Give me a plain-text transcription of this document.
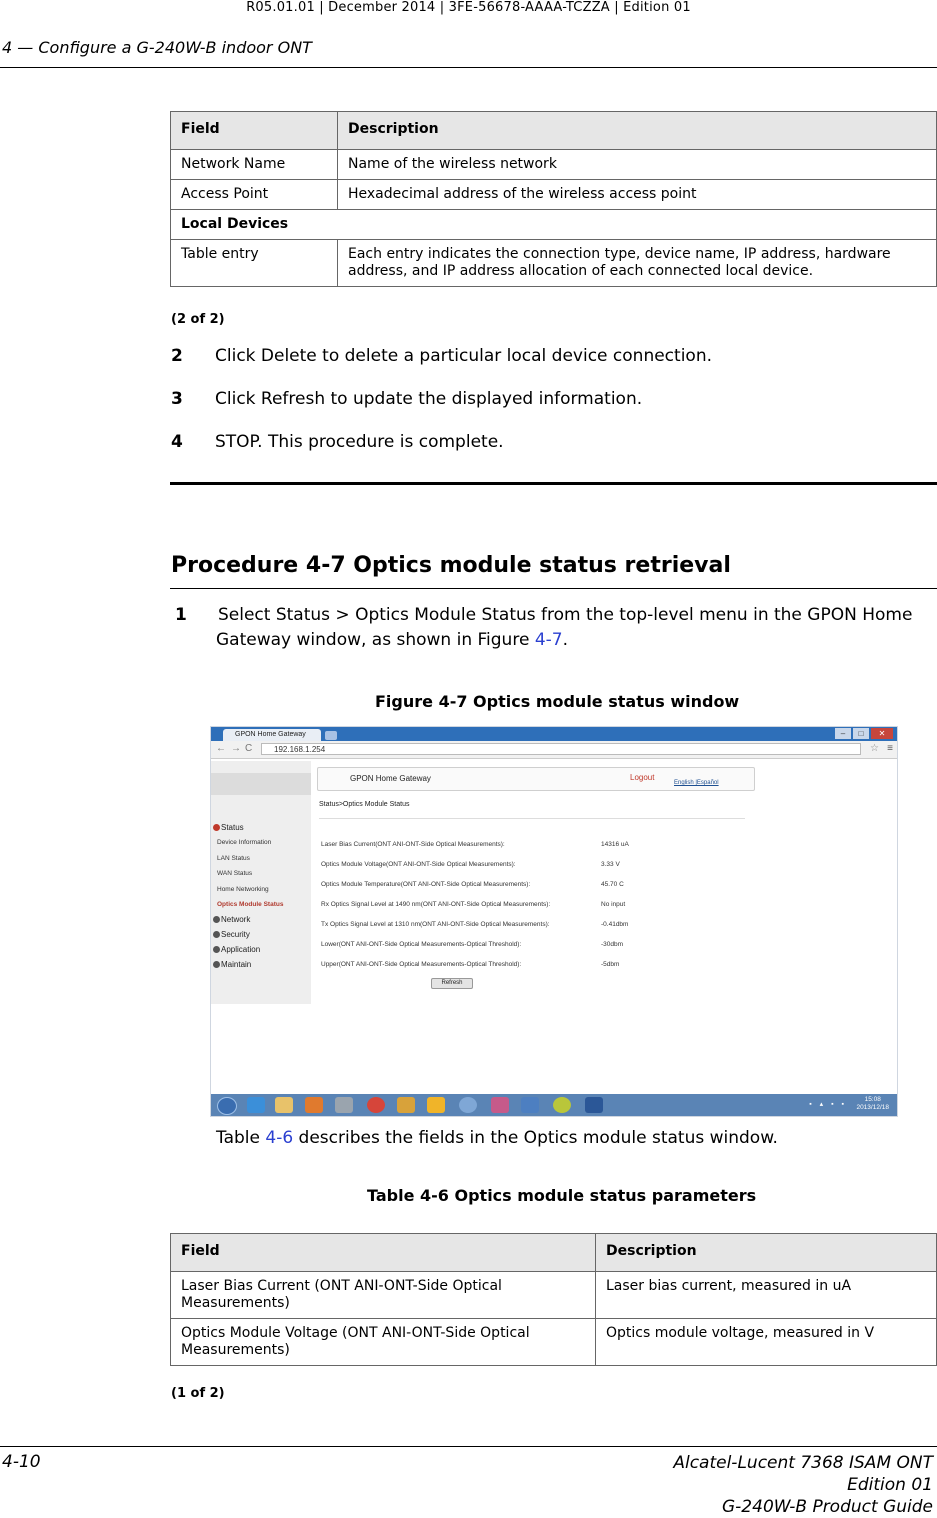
R05.01.01 | December 2014 | 3FE-56678-AAAA-TCZZA | Edition 01
4 — Configure a G-240W-B indoor ONT
Field	Description
Network Name	Name of the wireless network
Access Point	Hexadecimal address of the wireless access point
Local Devices	
Table entry	Each entry indicates the connection type, device name, IP address, hardware address, and IP address allocation of each connected local device.
(2 of 2)
2 Click Delete to delete a particular local device connection.
3 Click Refresh to update the displayed information.
4 STOP. This procedure is complete.
Procedure 4-7 Optics module status retrieval
1 Select Status > Optics Module Status from the top-level menu in the GPON Home
Gateway window, as shown in Figure 4-7.
Figure 4-7 Optics module status window
GPON Home Gateway	–	□	✕
← → C	192.168.1.254	☆ ≡
Status
Device Information
LAN Status
WAN Status
Home Networking
Optics Module Status
Network
Security
Application
Maintain
GPON Home Gateway	Logout
English |Español
Status>Optics Module Status
Laser Bias Current(ONT ANI-ONT-Side Optical Measurements):	14316 uA
Optics Module Voltage(ONT ANI-ONT-Side Optical Measurements):	3.33 V
Optics Module Temperature(ONT ANI-ONT-Side Optical Measurements):	45.70 C
Rx Optics Signal Level at 1490 nm(ONT ANI-ONT-Side Optical Measurements):	No input
Tx Optics Signal Level at 1310 nm(ONT ANI-ONT-Side Optical Measurements):	-0.41dbm
Lower(ONT ANI-ONT-Side Optical Measurements-Optical Threshold):	-30dbm
Upper(ONT ANI-ONT-Side Optical Measurements-Optical Threshold):	-5dbm
Refresh
▪ ▴ ▪ ▪
15:08
2013/12/18
Table 4-6 describes the fields in the Optics module status window.
Table 4-6 Optics module status parameters
Field	Description
Laser Bias Current (ONT ANI-ONT-Side Optical Measurements)	Laser bias current, measured in uA
Optics Module Voltage (ONT ANI-ONT-Side Optical Measurements)	Optics module voltage, measured in V
(1 of 2)
4-10	Alcatel-Lucent 7368 ISAM ONT
Edition 01
G-240W-B Product Guide
